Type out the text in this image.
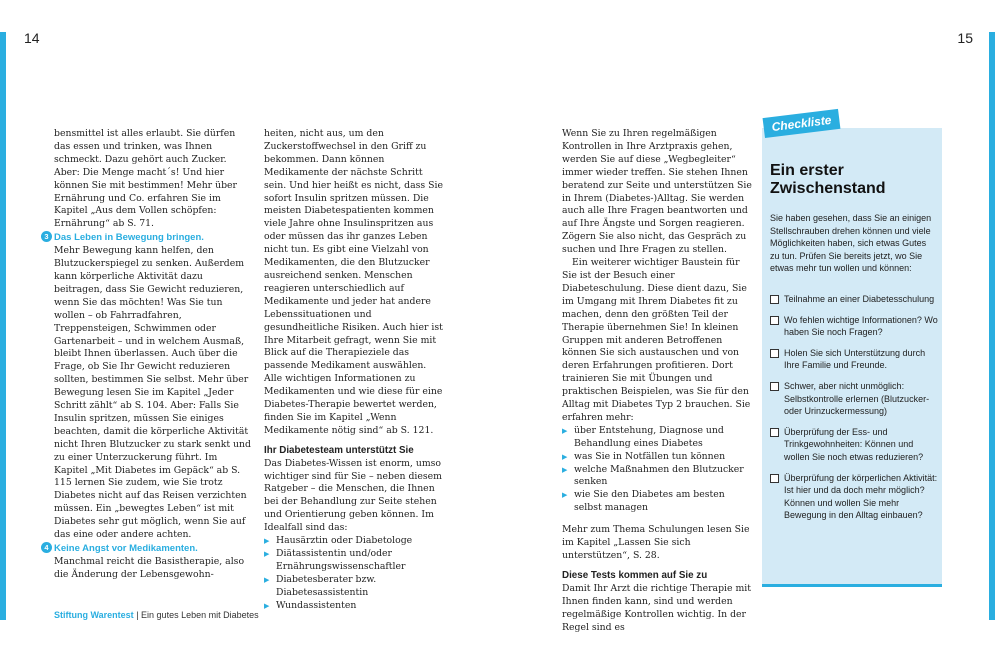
14	15

bensmittel ist alles erlaubt. Sie dürfen das essen und trinken, was Ihnen schmeckt. Dazu gehört auch Zucker. Aber: Die Menge macht´s! Und hier können Sie mit bestimmen! Mehr über Ernährung und Co. erfahren Sie im Kapitel „Aus dem Vollen schöpfen: Ernährung“ ab S. 71.

3 Das Leben in Bewegung bringen.
Mehr Bewegung kann helfen, den Blutzuckerspiegel zu senken. Außerdem kann körperliche Aktivität dazu beitragen, dass Sie Gewicht reduzieren, wenn Sie das möchten! Was Sie tun wollen – ob Fahrradfahren, Treppensteigen, Schwimmen oder Gartenarbeit – und in welchem Ausmaß, bleibt Ihnen überlassen. Auch über die Frage, ob Sie Ihr Gewicht reduzieren sollten, bestimmen Sie selbst. Mehr über Bewegung lesen Sie im Kapitel „Jeder Schritt zählt“ ab S. 104. Aber: Falls Sie Insulin spritzen, müssen Sie einiges beachten, damit die körperliche Aktivität nicht Ihren Blutzucker zu stark senkt und zu einer Unterzuckerung führt. Im Kapitel „Mit Diabetes im Gepäck“ ab S. 115 lernen Sie zudem, wie Sie trotz Diabetes nicht auf das Reisen verzichten müssen. Ein „bewegtes Leben“ ist mit Diabetes sehr gut möglich, wenn Sie auf das eine oder andere achten.

4 Keine Angst vor Medikamenten.
Manchmal reicht die Basistherapie, also die Änderung der Lebensgewohn-

heiten, nicht aus, um den Zuckerstoffwechsel in den Griff zu bekommen. Dann können Medikamente der nächste Schritt sein. Und hier heißt es nicht, dass Sie sofort Insulin spritzen müssen. Die meisten Diabetespatienten kommen viele Jahre ohne Insulinspritzen aus oder müssen das ihr ganzes Leben nicht tun. Es gibt eine Vielzahl von Medikamenten, die den Blutzucker ausreichend senken. Menschen reagieren unterschiedlich auf Medikamente und jeder hat andere Lebenssituationen und gesundheitliche Risiken. Auch hier ist Ihre Mitarbeit gefragt, wenn Sie mit Blick auf die Therapieziele das passende Medikament auswählen. Alle wichtigen Informationen zu Medikamenten und wie diese für eine Diabetes-Therapie bewertet werden, finden Sie im Kapitel „Wenn Medikamente nötig sind“ ab S. 121.

Ihr Diabetesteam unterstützt Sie

Das Diabetes-Wissen ist enorm, umso wichtiger sind für Sie – neben diesem Ratgeber – die Menschen, die Ihnen bei der Behandlung zur Seite stehen und Orientierung geben können. Im Idealfall sind das:

▶ Hausärztin oder Diabetologe
▶ Diätassistentin und/oder Ernährungswissenschaftler
▶ Diabetesberater bzw. Diabetesassistentin
▶ Wundassistenten

Wenn Sie zu Ihren regelmäßigen Kontrollen in Ihre Arztpraxis gehen, werden Sie auf diese „Wegbegleiter“ immer wieder treffen. Sie stehen Ihnen beratend zur Seite und unterstützen Sie in Ihrem (Diabetes-)Alltag. Sie werden auch alle Ihre Fragen beantworten und auf Ihre Ängste und Sorgen reagieren. Zögern Sie also nicht, das Gespräch zu suchen und Ihre Fragen zu stellen.

Ein weiterer wichtiger Baustein für Sie ist der Besuch einer Diabeteschulung. Diese dient dazu, Sie im Umgang mit Ihrem Diabetes fit zu machen, denn den größten Teil der Therapie übernehmen Sie! In kleinen Gruppen mit anderen Betroffenen können Sie sich austauschen und von deren Erfahrungen profitieren. Dort trainieren Sie mit Übungen und praktischen Beispielen, was Sie für den Alltag mit Diabetes Typ 2 brauchen. Sie erfahren mehr:

▶ über Entstehung, Diagnose und Behandlung eines Diabetes
▶ was Sie in Notfällen tun können
▶ welche Maßnahmen den Blutzucker senken
▶ wie Sie den Diabetes am besten selbst managen

Mehr zum Thema Schulungen lesen Sie im Kapitel „Lassen Sie sich unterstützen“, S. 28.

Diese Tests kommen auf Sie zu

Damit Ihr Arzt die richtige Therapie mit Ihnen finden kann, sind und werden regelmäßige Kontrollen wichtig. In der Regel sind es

Checkliste
Ein erster Zwischenstand
Sie haben gesehen, dass Sie an einigen Stellschrauben drehen können und viele Möglichkeiten haben, sich etwas Gutes zu tun. Prüfen Sie bereits jetzt, wo Sie etwas mehr tun wollen und können:
Teilnahme an einer Diabetesschulung
Wo fehlen wichtige Informationen? Wo haben Sie noch Fragen?
Holen Sie sich Unterstützung durch Ihre Familie und Freunde.
Schwer, aber nicht unmöglich: Selbstkontrolle erlernen (Blutzucker- oder Urinzuckermessung)
Überprüfung der Ess- und Trinkgewohnheiten: Können und wollen Sie noch etwas reduzieren?
Überprüfung der körperlichen Aktivität: Ist hier und da doch mehr möglich? Können und wollen Sie mehr Bewegung in den Alltag einbauen?
Stiftung Warentest | Ein gutes Leben mit Diabetes
